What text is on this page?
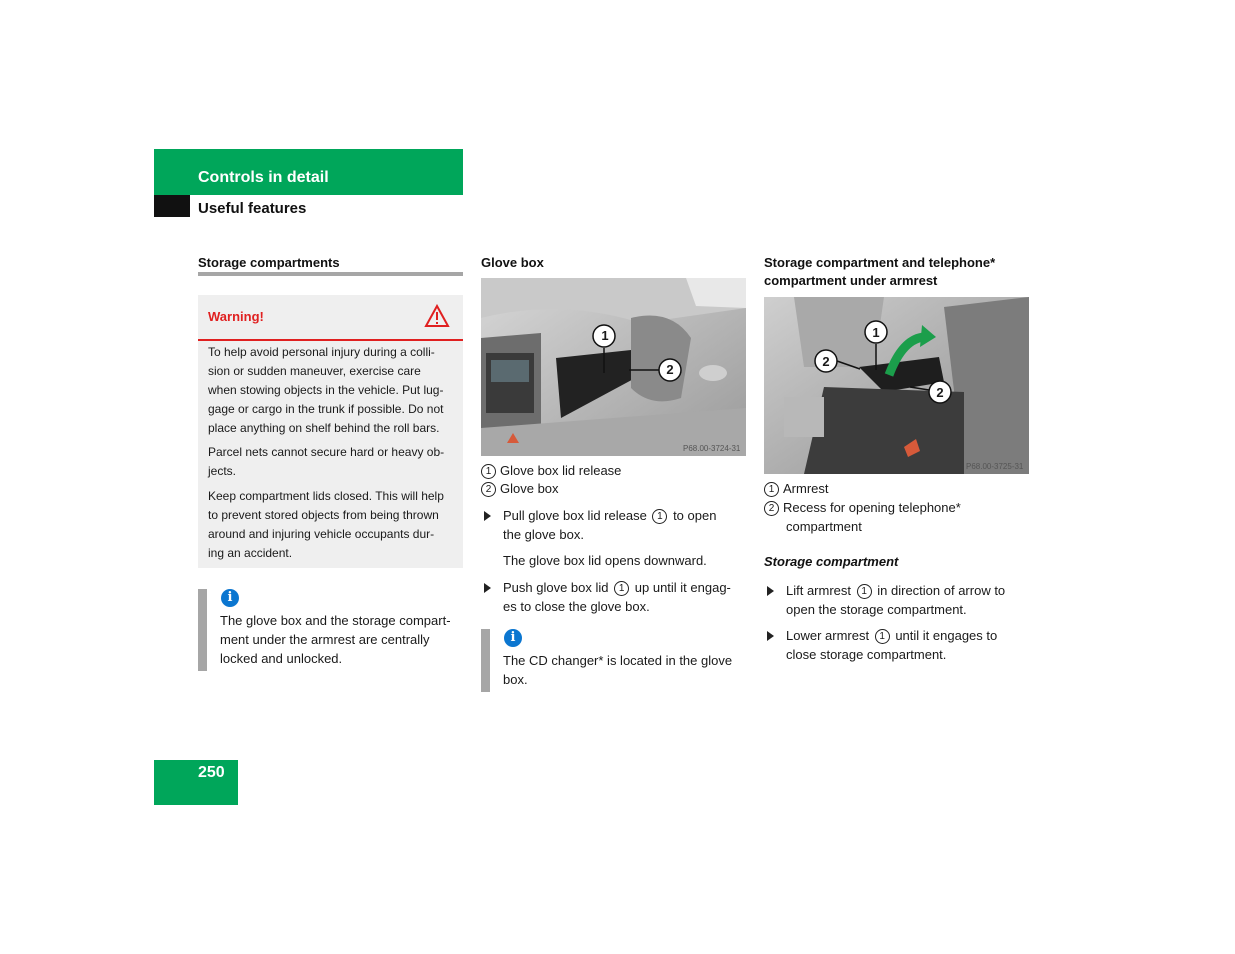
Controls in detail
Useful features
Storage compartments
Warning!
To help avoid personal injury during a colli-
sion or sudden maneuver, exercise care
when stowing objects in the vehicle. Put lug-
gage or cargo in the trunk if possible. Do not
place anything on shelf behind the roll bars.
Parcel nets cannot secure hard or heavy ob-
jects.
Keep compartment lids closed. This will help
to prevent stored objects from being thrown
around and injuring vehicle occupants dur-
ing an accident.
i
The glove box and the storage compart-
ment under the armrest are centrally
locked and unlocked.
Glove box
1
2
P68.00-3724-31
1 Glove box lid release
2 Glove box
Pull glove box lid release 1 to open
the glove box.
The glove box lid opens downward.
Push glove box lid 1 up until it engag-
es to close the glove box.
i
The CD changer* is located in the glove
box.
Storage compartment and telephone*
compartment under armrest
1
2
2
P68.00-3725-31
1 Armrest
2 Recess for opening telephone*
compartment
Storage compartment
Lift armrest 1 in direction of arrow to
open the storage compartment.
Lower armrest 1 until it engages to
close storage compartment.
250
